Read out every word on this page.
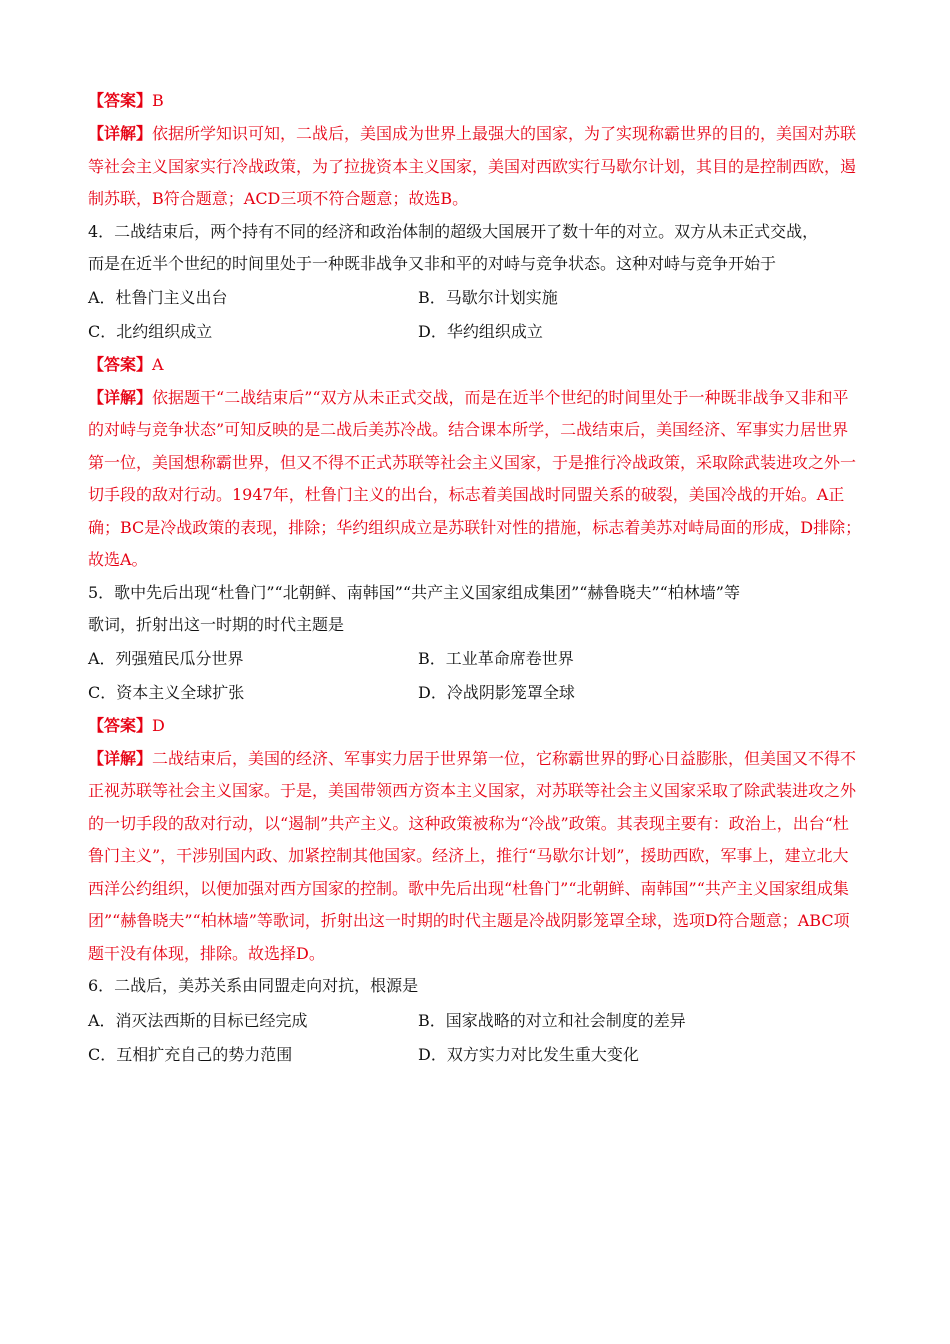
【答案】B
【详解】依据所学知识可知，二战后，美国成为世界上最强大的国家，为了实现称霸世界的目的，美国对苏联等社会主义国家实行冷战政策，为了拉拢资本主义国家，美国对西欧实行马歇尔计划，其目的是控制西欧，遏制苏联，B符合题意；ACD三项不符合题意；故选B。
4．二战结束后，两个持有不同的经济和政治体制的超级大国展开了数十年的对立。双方从未正式交战，
而是在近半个世纪的时间里处于一种既非战争又非和平的对峙与竞争状态。这种对峙与竞争开始于
A．杜鲁门主义出台	B．马歇尔计划实施
C．北约组织成立	D．华约组织成立
【答案】A
【详解】依据题干“二战结束后”“双方从未正式交战，而是在近半个世纪的时间里处于一种既非战争又非和平的对峙与竞争状态”可知反映的是二战后美苏冷战。结合课本所学，二战结束后，美国经济、军事实力居世界第一位，美国想称霸世界，但又不得不正式苏联等社会主义国家，于是推行冷战政策，采取除武装进攻之外一切手段的敌对行动。1947年，杜鲁门主义的出台，标志着美国战时同盟关系的破裂，美国冷战的开始。A正确；BC是冷战政策的表现，排除；华约组织成立是苏联针对性的措施，标志着美苏对峙局面的形成，D排除；故选A。
5．歌中先后出现“杜鲁门”“北朝鲜、南韩国”“共产主义国家组成集团”“赫鲁晓夫”“柏林墙”等
歌词，折射出这一时期的时代主题是
A．列强殖民瓜分世界	B．工业革命席卷世界
C．资本主义全球扩张	D．冷战阴影笼罩全球
【答案】D
【详解】二战结束后，美国的经济、军事实力居于世界第一位，它称霸世界的野心日益膨胀，但美国又不得不正视苏联等社会主义国家。于是，美国带领西方资本主义国家，对苏联等社会主义国家采取了除武装进攻之外的一切手段的敌对行动，以“遏制”共产主义。这种政策被称为“冷战”政策。其表现主要有：政治上，出台“杜鲁门主义”，干涉别国内政、加紧控制其他国家。经济上，推行“马歇尔计划”，援助西欧，军事上，建立北大西洋公约组织，以便加强对西方国家的控制。歌中先后出现“杜鲁门”“北朝鲜、南韩国”“共产主义国家组成集团”“赫鲁晓夫”“柏林墙”等歌词，折射出这一时期的时代主题是冷战阴影笼罩全球，选项D符合题意；ABC项题干没有体现，排除。故选择D。
6．二战后，美苏关系由同盟走向对抗，根源是
A．消灭法西斯的目标已经完成	B．国家战略的对立和社会制度的差异
C．互相扩充自己的势力范围	D．双方实力对比发生重大变化
